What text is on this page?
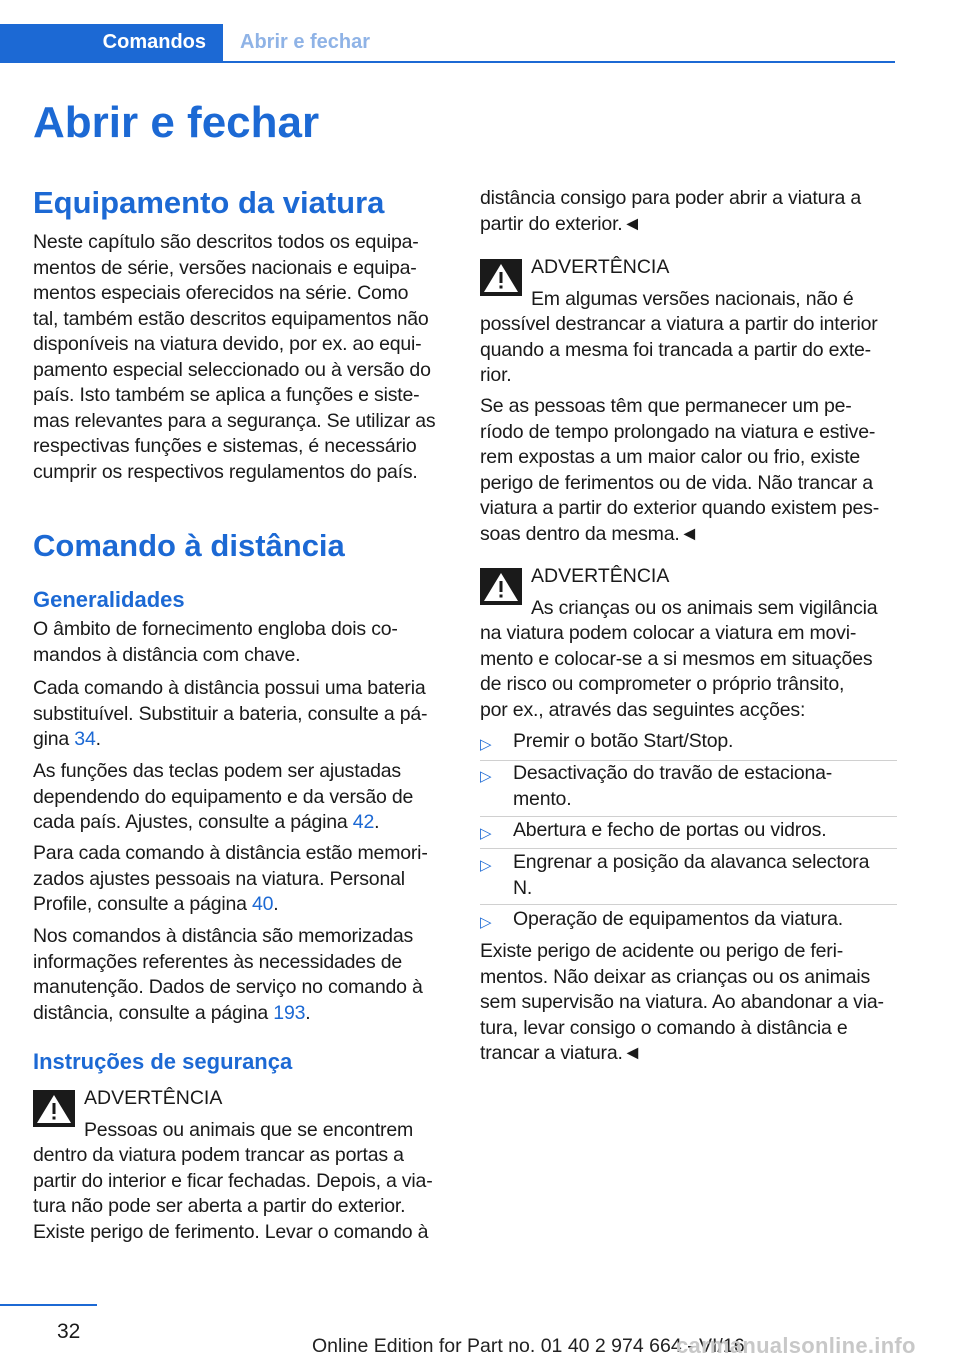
Comandos	Abrir e fechar
Abrir e fechar
Equipamento da viatura
Neste capítulo são descritos todos os equipa‐
mentos de série, versões nacionais e equipa‐
mentos especiais oferecidos na série. Como
tal, também estão descritos equipamentos não
disponíveis na viatura devido, por ex. ao equi‐
pamento especial seleccionado ou à versão do
país. Isto também se aplica a funções e siste‐
mas relevantes para a segurança. Se utilizar as
respectivas funções e sistemas, é necessário
cumprir os respectivos regulamentos do país.
Comando à distância
Generalidades
O âmbito de fornecimento engloba dois co‐
mandos à distância com chave.
Cada comando à distância possui uma bateria
substituível. Substituir a bateria, consulte a pá‐
gina 34.
As funções das teclas podem ser ajustadas
dependendo do equipamento e da versão de
cada país. Ajustes, consulte a página 42.
Para cada comando à distância estão memori‐
zados ajustes pessoais na viatura. Personal
Profile, consulte a página 40.
Nos comandos à distância são memorizadas
informações referentes às necessidades de
manutenção. Dados de serviço no comando à
distância, consulte a página 193.
Instruções de segurança
ADVERTÊNCIA
Pessoas ou animais que se encontrem
dentro da viatura podem trancar as portas a
partir do interior e ficar fechadas. Depois, a via‐
tura não pode ser aberta a partir do exterior.
Existe perigo de ferimento. Levar o comando à
distância consigo para poder abrir a viatura a
partir do exterior.◄
ADVERTÊNCIA
Em algumas versões nacionais, não é
possível destrancar a viatura a partir do interior
quando a mesma foi trancada a partir do exte‐
rior.
Se as pessoas têm que permanecer um pe‐
ríodo de tempo prolongado na viatura e estive‐
rem expostas a um maior calor ou frio, existe
perigo de ferimentos ou de vida. Não trancar a
viatura a partir do exterior quando existem pes‐
soas dentro da mesma.◄
ADVERTÊNCIA
As crianças ou os animais sem vigilância
na viatura podem colocar a viatura em movi‐
mento e colocar-se a si mesmos em situações
de risco ou comprometer o próprio trânsito,
por ex., através das seguintes acções:
▷ Premir o botão Start/Stop.
▷ Desactivação do travão de estaciona‐
mento.
▷ Abertura e fecho de portas ou vidros.
▷ Engrenar a posição da alavanca selectora
N.
▷ Operação de equipamentos da viatura.
Existe perigo de acidente ou perigo de feri‐
mentos. Não deixar as crianças ou os animais
sem supervisão na viatura. Ao abandonar a via‐
tura, levar consigo o comando à distância e
trancar a viatura.◄
32
Online Edition for Part no. 01 40 2 974 664 - VI/16
carmanualsonline.info
